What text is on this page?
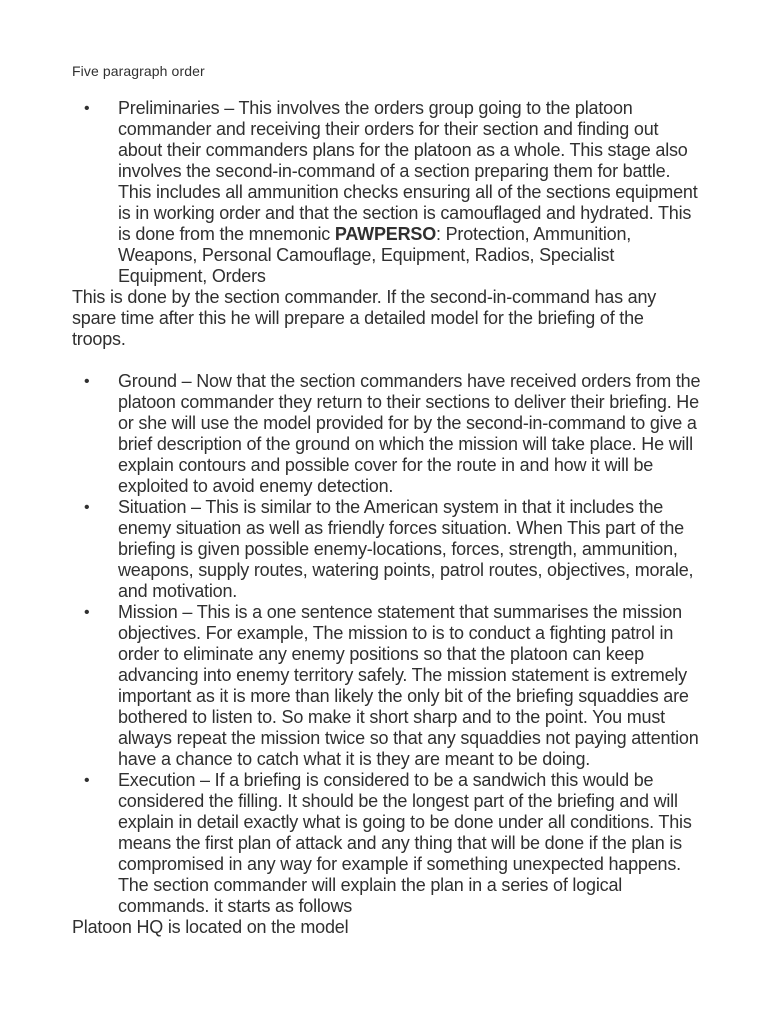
Five paragraph order

•	Preliminaries – This involves the orders group going to the platoon commander and receiving their orders for their section and finding out about their commanders plans for the platoon as a whole. This stage also involves the second-in-command of a section preparing them for battle. This includes all ammunition checks ensuring all of the sections equipment is in working order and that the section is camouflaged and hydrated. This is done from the mnemonic PAWPERSO: Protection, Ammunition, Weapons, Personal Camouflage, Equipment, Radios, Specialist Equipment, Orders

This is done by the section commander. If the second-in-command has any spare time after this he will prepare a detailed model for the briefing of the troops.

•	Ground – Now that the section commanders have received orders from the platoon commander they return to their sections to deliver their briefing. He or she will use the model provided for by the second-in-command to give a brief description of the ground on which the mission will take place. He will explain contours and possible cover for the route in and how it will be exploited to avoid enemy detection.

•	Situation – This is similar to the American system in that it includes the enemy situation as well as friendly forces situation. When This part of the briefing is given possible enemy-locations, forces, strength, ammunition, weapons, supply routes, watering points, patrol routes, objectives, morale, and motivation.

•	Mission – This is a one sentence statement that summarises the mission objectives. For example, The mission to is to conduct a fighting patrol in order to eliminate any enemy positions so that the platoon can keep advancing into enemy territory safely. The mission statement is extremely important as it is more than likely the only bit of the briefing squaddies are bothered to listen to. So make it short sharp and to the point. You must always repeat the mission twice so that any squaddies not paying attention have a chance to catch what it is they are meant to be doing.

•	Execution – If a briefing is considered to be a sandwich this would be considered the filling. It should be the longest part of the briefing and will explain in detail exactly what is going to be done under all conditions. This means the first plan of attack and any thing that will be done if the plan is compromised in any way for example if something unexpected happens. The section commander will explain the plan in a series of logical commands. it starts as follows

Platoon HQ is located on the model
